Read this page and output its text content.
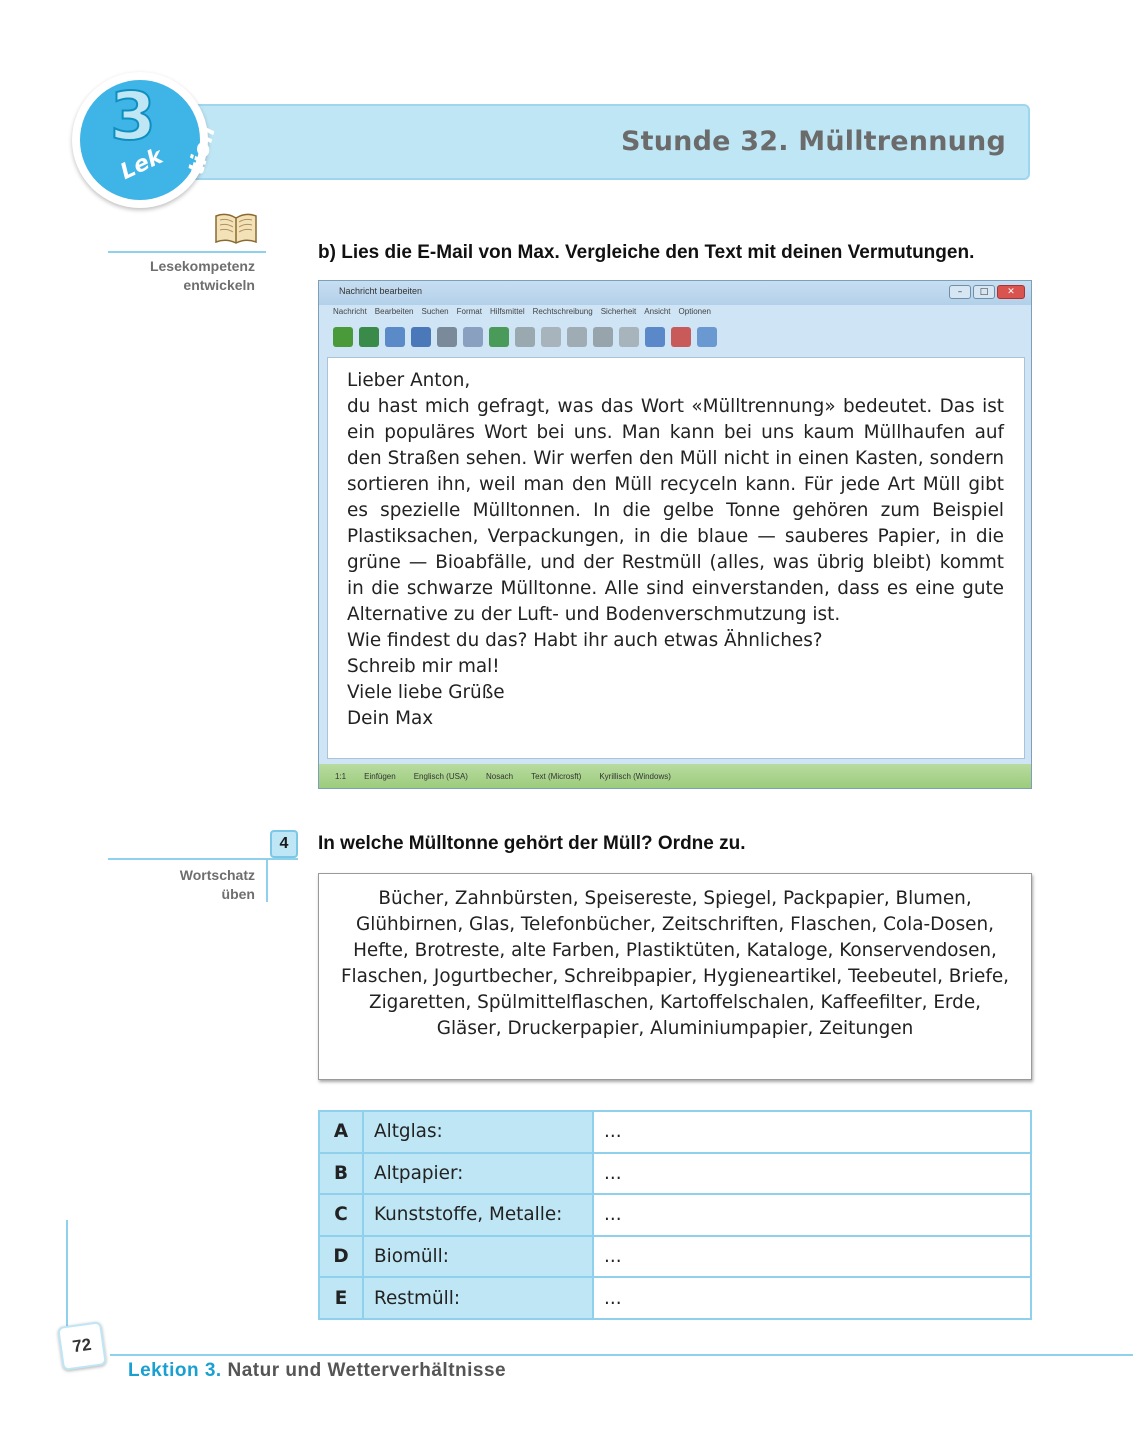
Stunde 32. Mülltrennung
3
Lek tion
Lesekompetenz
entwickeln
b) Lies die E-Mail von Max. Vergleiche den Text mit deinen Vermutungen.
Nachricht bearbeiten	–	□	✕
Nachricht Bearbeiten Suchen Format Hilfsmittel Rechtschreibung Sicherheit Ansicht Optionen

Lieber Anton,

du hast mich gefragt, was das Wort «Mülltrennung» bedeutet. Das ist ein populäres Wort bei uns. Man kann bei uns kaum Müllhaufen auf den Straßen sehen. Wir werfen den Müll nicht in einen Kasten, sondern sortieren ihn, weil man den Müll recyceln kann. Für jede Art Müll gibt es spezielle Mülltonnen. In die gelbe Tonne gehören zum Beispiel Plastiksachen, Verpackungen, in die blaue — sauberes Papier, in die grüne — Bioabfälle, und der Restmüll (alles, was übrig bleibt) kommt in die schwarze Mülltonne. Alle sind einverstanden, dass es eine gute Alternative zu der Luft- und Bodenverschmutzung ist.

Wie findest du das? Habt ihr auch etwas Ähnliches?

Schreib mir mal!

Viele liebe Grüße

Dein Max

1:1 Einfügen Englisch (USA) Nosach Text (Microsft) Kyrillisch (Windows)
4
Wortschatz
üben
In welche Mülltonne gehört der Müll? Ordne zu.
Bücher, Zahnbürsten, Speisereste, Spiegel, Packpapier, Blumen, Glühbirnen, Glas, Telefonbücher, Zeitschriften, Flaschen, Cola-Dosen, Hefte, Brotreste, alte Farben, Plastiktüten, Kataloge, Konservendosen, Flaschen, Jogurtbecher, Schreibpapier, Hygieneartikel, Teebeutel, Briefe, Zigaretten, Spülmittelflaschen, Kartoffelschalen, Kaffeefilter, Erde, Gläser, Druckerpapier, Aluminiumpapier, Zeitungen
A	Altglas:	...
B	Altpapier:	...
C	Kunststoffe, Metalle:	...
D	Biomüll:	...
E	Restmüll:	...
72
Lektion 3. Natur und Wetterverhältnisse
